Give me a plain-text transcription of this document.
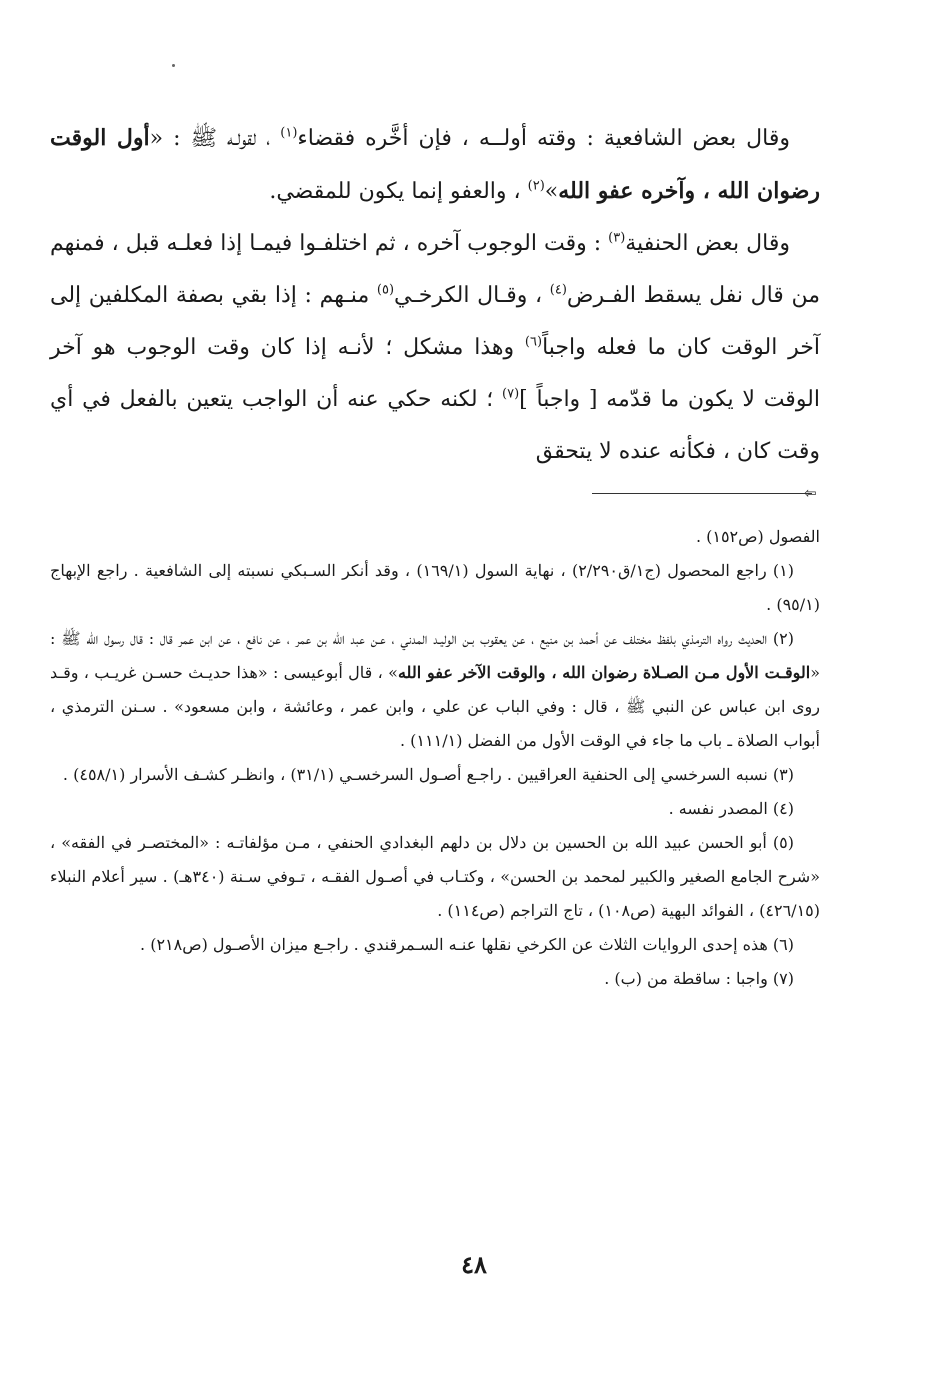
وقال بعض الشافعية : وقته أولــه ، فإن أخَّره فقضاء$^{(١)}$ ، لقولـه ﷺ : «أول الوقت رضوان الله ، وآخره عفو الله»$^{(٢)}$ ، والعفو إنما يكون للمقضي.

وقال بعض الحنفية$^{(٣)}$ : وقت الوجوب آخره ، ثم اختلفـوا فيمـا إذا فعلـه قبل ، فمنهم من قال نفل يسقط الفـرض$^{(٤)}$ ، وقـال الكرخـي$^{(٥)}$ منـهم : إذا بقي بصفة المكلفين إلى آخر الوقت كان ما فعله واجباً$^{(٦)}$ وهذا مشكل ؛ لأنـه إذا كان وقت الوجوب هو آخر الوقت لا يكون ما قدّمه [ واجباً ]$^{(٧)}$ ؛ لكنه حكي عنه أن الواجب يتعين بالفعل في أي وقت كان ، فكأنه عنده لا يتحقق

⇦

الفصول (ص١٥٢) .

(١) راجع المحصول (ج١/ق٢/٢٩٠) ، نهاية السول (١٦٩/١) ، وقد أنكر السـبكي نسبته إلى الشافعية . راجع الإبهاج (٩٥/١) .

(٢) الحديث رواه الترمذي بلفظ مختلف عن أحمد بن منيع ، عن يعقوب بـن الوليـد المدني ، عـن عبد الله بن عمر ، عن نافع ، عن ابن عمر قال : قال رسول الله ﷺ : «الوقـت الأول مـن الصـلاة رضوان الله ، والوقت الآخر عفو الله» ، قال أبوعيسى : «هذا حديـث حسـن غريـب ، وقـد روى ابن عباس عن النبي ﷺ ، قال : وفي الباب عن علي ، وابن عمر ، وعائشة ، وابن مسعود» . سـنن الترمذي ، أبواب الصلاة ـ باب ما جاء في الوقت الأول من الفضل (١١١/١) .

(٣) نسبه السرخسي إلى الحنفية العراقيين . راجـع أصـول السرخسـي (٣١/١) ، وانظـر كشـف الأسرار (٤٥٨/١) .

(٤) المصدر نفسه .

(٥) أبو الحسن عبيد الله بن الحسين بن دلال بن دلهم البغدادي الحنفي ، مـن مؤلفاتـه : «المختصـر في الفقه» ، «شرح الجامع الصغير والكبير لمحمد بن الحسن» ، وكتـاب في أصـول الفقـه ، تـوفي سـنة (٣٤٠هـ) . سير أعلام النبلاء (٤٢٦/١٥) ، الفوائد البهية (ص١٠٨) ، تاج التراجم (ص١١٤) .

(٦) هذه إحدى الروايات الثلاث عن الكرخي نقلها عنـه السـمرقندي . راجـع ميزان الأصـول (ص٢١٨) .

(٧) واجبا : ساقطة من (ب) .

٤٨
